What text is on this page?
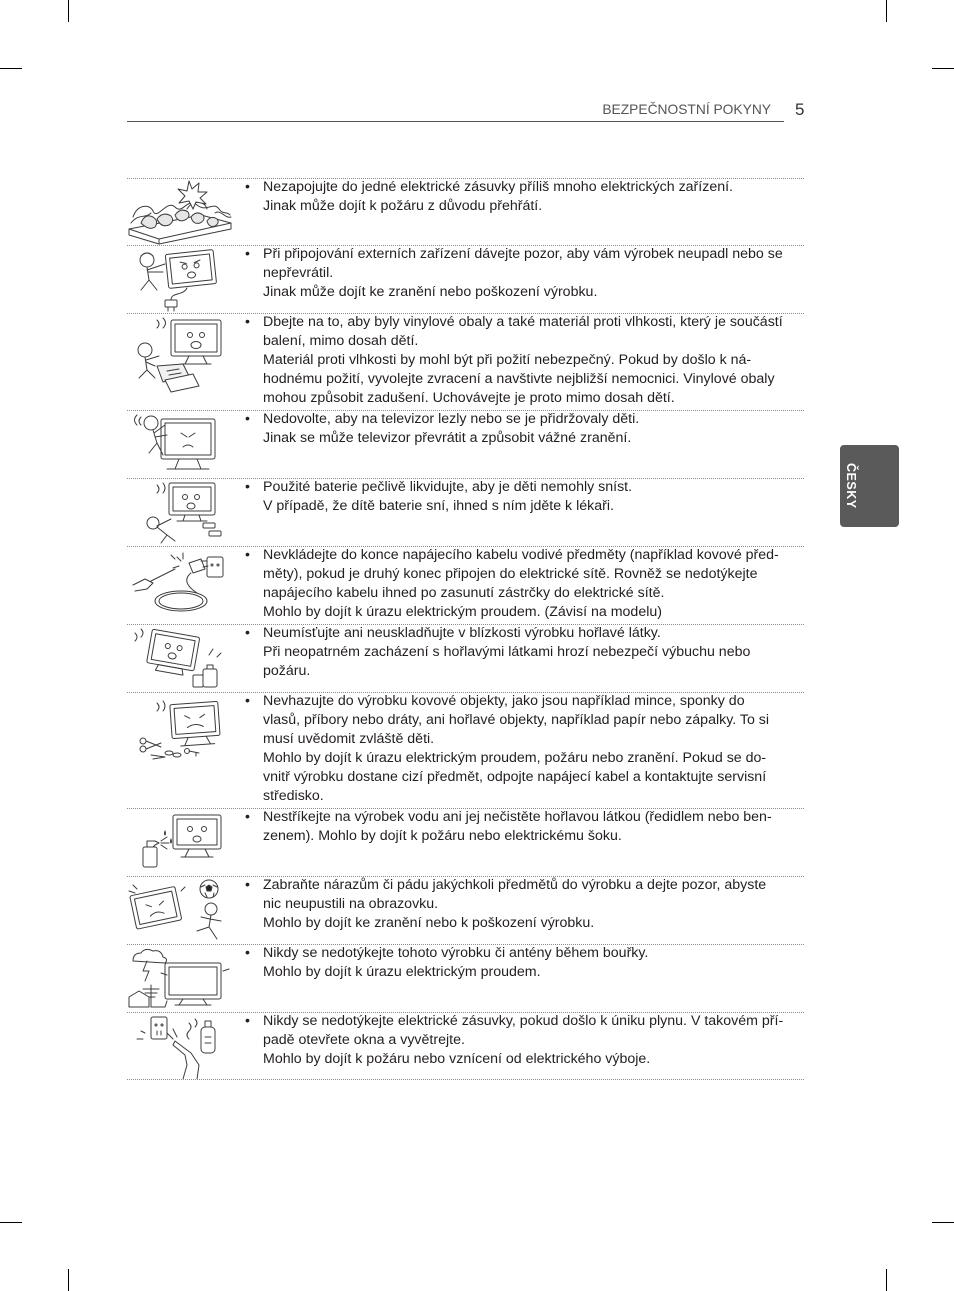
BEZPEČNOSTNÍ POKYNY 5
ČESKY
• Nezapojujte do jedné elektrické zásuvky příliš mnoho elektrických zařízení.
Jinak může dojít k požáru z důvodu přehřátí.
• Při připojování externích zařízení dávejte pozor, aby vám výrobek neupadl nebo se
nepřevrátil.
Jinak může dojít ke zranění nebo poškození výrobku.
• Dbejte na to, aby byly vinylové obaly a také materiál proti vlhkosti, který je součástí
balení, mimo dosah dětí.
Materiál proti vlhkosti by mohl být při požití nebezpečný. Pokud by došlo k ná-
hodnému požití, vyvolejte zvracení a navštivte nejbližší nemocnici. Vinylové obaly
mohou způsobit zadušení. Uchovávejte je proto mimo dosah dětí.
• Nedovolte, aby na televizor lezly nebo se je přidržovaly děti.
Jinak se může televizor převrátit a způsobit vážné zranění.
• Použité baterie pečlivě likvidujte, aby je děti nemohly sníst.
V případě, že dítě baterie sní, ihned s ním jděte k lékaři.
• Nevkládejte do konce napájecího kabelu vodivé předměty (například kovové před-
měty), pokud je druhý konec připojen do elektrické sítě. Rovněž se nedotýkejte
napájecího kabelu ihned po zasunutí zástrčky do elektrické sítě.
Mohlo by dojít k úrazu elektrickým proudem. (Závisí na modelu)
• Neumísťujte ani neuskladňujte v blízkosti výrobku hořlavé látky.
Při neopatrném zacházení s hořlavými látkami hrozí nebezpečí výbuchu nebo
požáru.
• Nevhazujte do výrobku kovové objekty, jako jsou například mince, sponky do
vlasů, příbory nebo dráty, ani hořlavé objekty, například papír nebo zápalky. To si
musí uvědomit zvláště děti.
Mohlo by dojít k úrazu elektrickým proudem, požáru nebo zranění. Pokud se do-
vnitř výrobku dostane cizí předmět, odpojte napájecí kabel a kontaktujte servisní
středisko.
• Nestříkejte na výrobek vodu ani jej nečistěte hořlavou látkou (ředidlem nebo ben-
zenem). Mohlo by dojít k požáru nebo elektrickému šoku.
• Zabraňte nárazům či pádu jakýchkoli předmětů do výrobku a dejte pozor, abyste
nic neupustili na obrazovku.
Mohlo by dojít ke zranění nebo k poškození výrobku.
• Nikdy se nedotýkejte tohoto výrobku či antény během bouřky.
Mohlo by dojít k úrazu elektrickým proudem.
• Nikdy se nedotýkejte elektrické zásuvky, pokud došlo k úniku plynu. V takovém pří-
padě otevřete okna a vyvětrejte.
Mohlo by dojít k požáru nebo vznícení od elektrického výboje.
